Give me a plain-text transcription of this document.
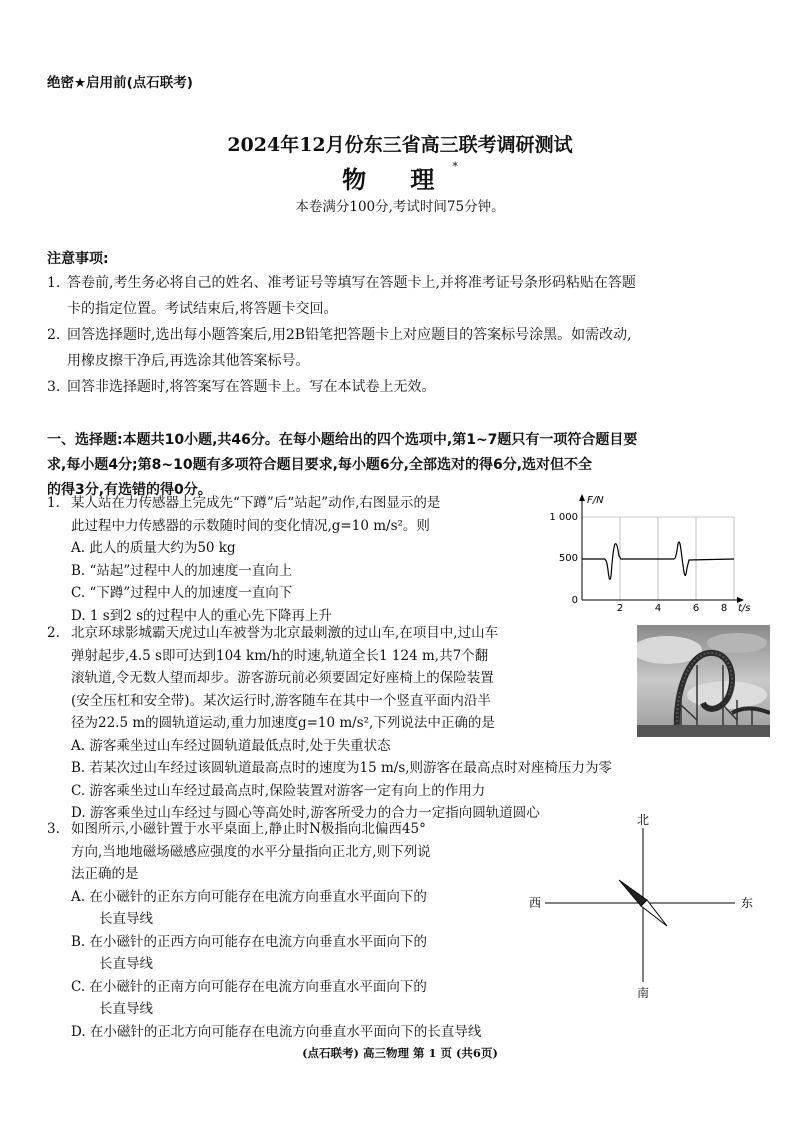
绝密★启用前(点石联考)
2024年12月份东三省高三联考调研测试
物 理*
本卷满分100分,考试时间75分钟。
注意事项:
1. 答卷前,考生务必将自己的姓名、准考证号等填写在答题卡上,并将准考证号条形码粘贴在答题
卡的指定位置。考试结束后,将答题卡交回。
2. 回答选择题时,选出每小题答案后,用2B铅笔把答题卡上对应题目的答案标号涂黑。如需改动,
用橡皮擦干净后,再选涂其他答案标号。
3. 回答非选择题时,将答案写在答题卡上。写在本试卷上无效。
一、选择题:本题共10小题,共46分。在每小题给出的四个选项中,第1~7题只有一项符合题目要
求,每小题4分;第8~10题有多项符合题目要求,每小题6分,全部选对的得6分,选对但不全
的得3分,有选错的得0分。
1. 某人站在力传感器上完成先“下蹲”后“站起”动作,右图显示的是
此过程中力传感器的示数随时间的变化情况,g=10 m/s²。则
A. 此人的质量大约为50 kg
B. “站起”过程中人的加速度一直向上
C. “下蹲”过程中人的加速度一直向下
D. 1 s到2 s的过程中人的重心先下降再上升
F/N
t/s
1 000
500
0
2	4	6 8
2. 北京环球影城霸天虎过山车被誉为北京最刺激的过山车,在项目中,过山车
弹射起步,4.5 s即可达到104 km/h的时速,轨道全长1 124 m,共7个翻
滚轨道,令无数人望而却步。游客游玩前必须要固定好座椅上的保险装置
(安全压杠和安全带)。某次运行时,游客随车在其中一个竖直平面内沿半
径为22.5 m的圆轨道运动,重力加速度g=10 m/s²,下列说法中正确的是
A. 游客乘坐过山车经过圆轨道最低点时,处于失重状态
B. 若某次过山车经过该圆轨道最高点时的速度为15 m/s,则游客在最高点时对座椅压力为零
C. 游客乘坐过山车经过最高点时,保险装置对游客一定有向上的作用力
D. 游客乘坐过山车经过与圆心等高处时,游客所受力的合力一定指向圆轨道圆心
3. 如图所示,小磁针置于水平桌面上,静止时N极指向北偏西45°
方向,当地地磁场磁感应强度的水平分量指向正北方,则下列说
法正确的是
A. 在小磁针的正东方向可能存在电流方向垂直水平面向下的
长直导线
B. 在小磁针的正西方向可能存在电流方向垂直水平面向下的
长直导线
C. 在小磁针的正南方向可能存在电流方向垂直水平面向下的
长直导线
D. 在小磁针的正北方向可能存在电流方向垂直水平面向下的长直导线
北
南
西	东
(点石联考) 高三物理 第 1 页 (共6页)
